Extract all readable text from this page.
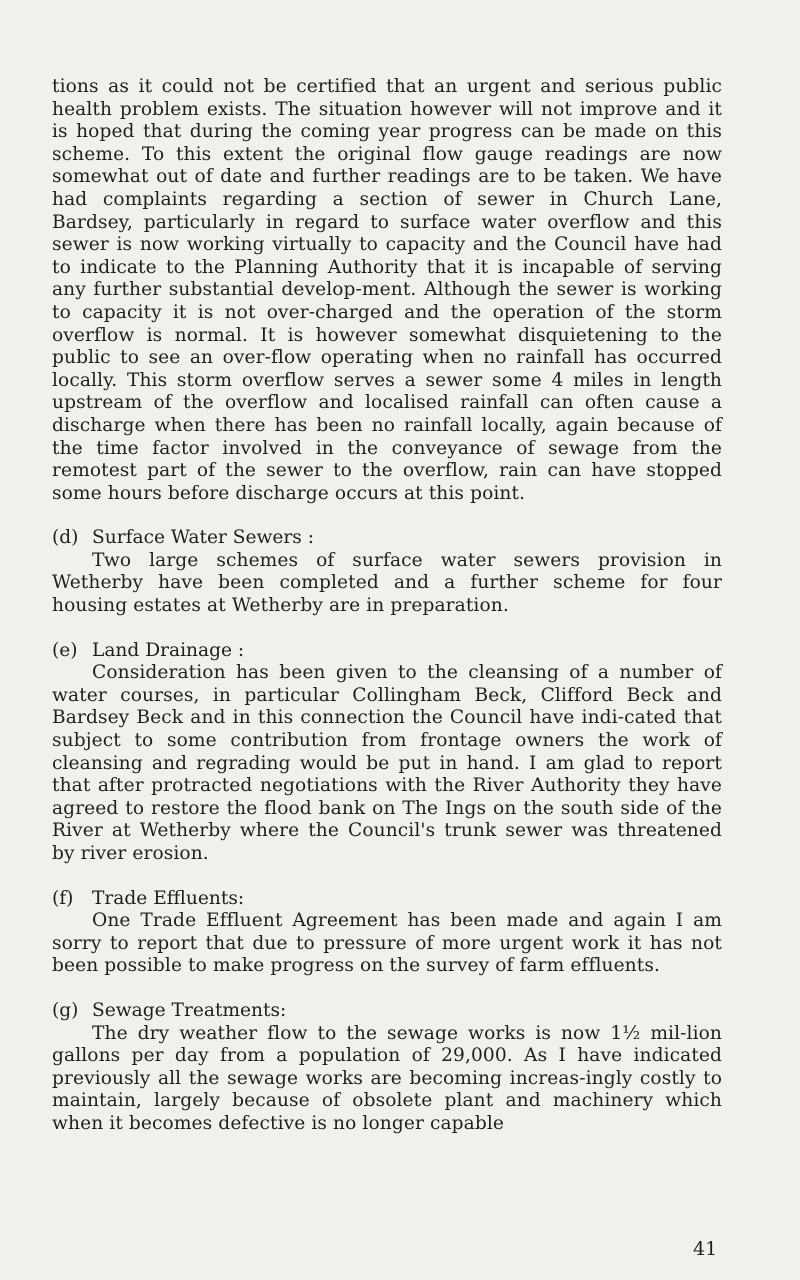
tions as it could not be certified that an urgent and serious public health problem exists. The situation however will not improve and it is hoped that during the coming year progress can be made on this scheme. To this extent the original flow gauge readings are now somewhat out of date and further readings are to be taken. We have had complaints regarding a section of sewer in Church Lane, Bardsey, particularly in regard to surface water overflow and this sewer is now working virtually to capacity and the Council have had to indicate to the Planning Authority that it is incapable of serving any further substantial develop-ment. Although the sewer is working to capacity it is not over-charged and the operation of the storm overflow is normal. It is however somewhat disquietening to the public to see an over-flow operating when no rainfall has occurred locally. This storm overflow serves a sewer some 4 miles in length upstream of the overflow and localised rainfall can often cause a discharge when there has been no rainfall locally, again because of the time factor involved in the conveyance of sewage from the remotest part of the sewer to the overflow, rain can have stopped some hours before discharge occurs at this point.

(d) Surface Water Sewers :

Two large schemes of surface water sewers provision in Wetherby have been completed and a further scheme for four housing estates at Wetherby are in preparation.

(e) Land Drainage :

Consideration has been given to the cleansing of a number of water courses, in particular Collingham Beck, Clifford Beck and Bardsey Beck and in this connection the Council have indi-cated that subject to some contribution from frontage owners the work of cleansing and regrading would be put in hand. I am glad to report that after protracted negotiations with the River Authority they have agreed to restore the flood bank on The Ings on the south side of the River at Wetherby where the Council's trunk sewer was threatened by river erosion.

(f) Trade Effluents:

One Trade Effluent Agreement has been made and again I am sorry to report that due to pressure of more urgent work it has not been possible to make progress on the survey of farm effluents.

(g) Sewage Treatments:

The dry weather flow to the sewage works is now 1½ mil-lion gallons per day from a population of 29,000. As I have indicated previously all the sewage works are becoming increas-ingly costly to maintain, largely because of obsolete plant and machinery which when it becomes defective is no longer capable

41
